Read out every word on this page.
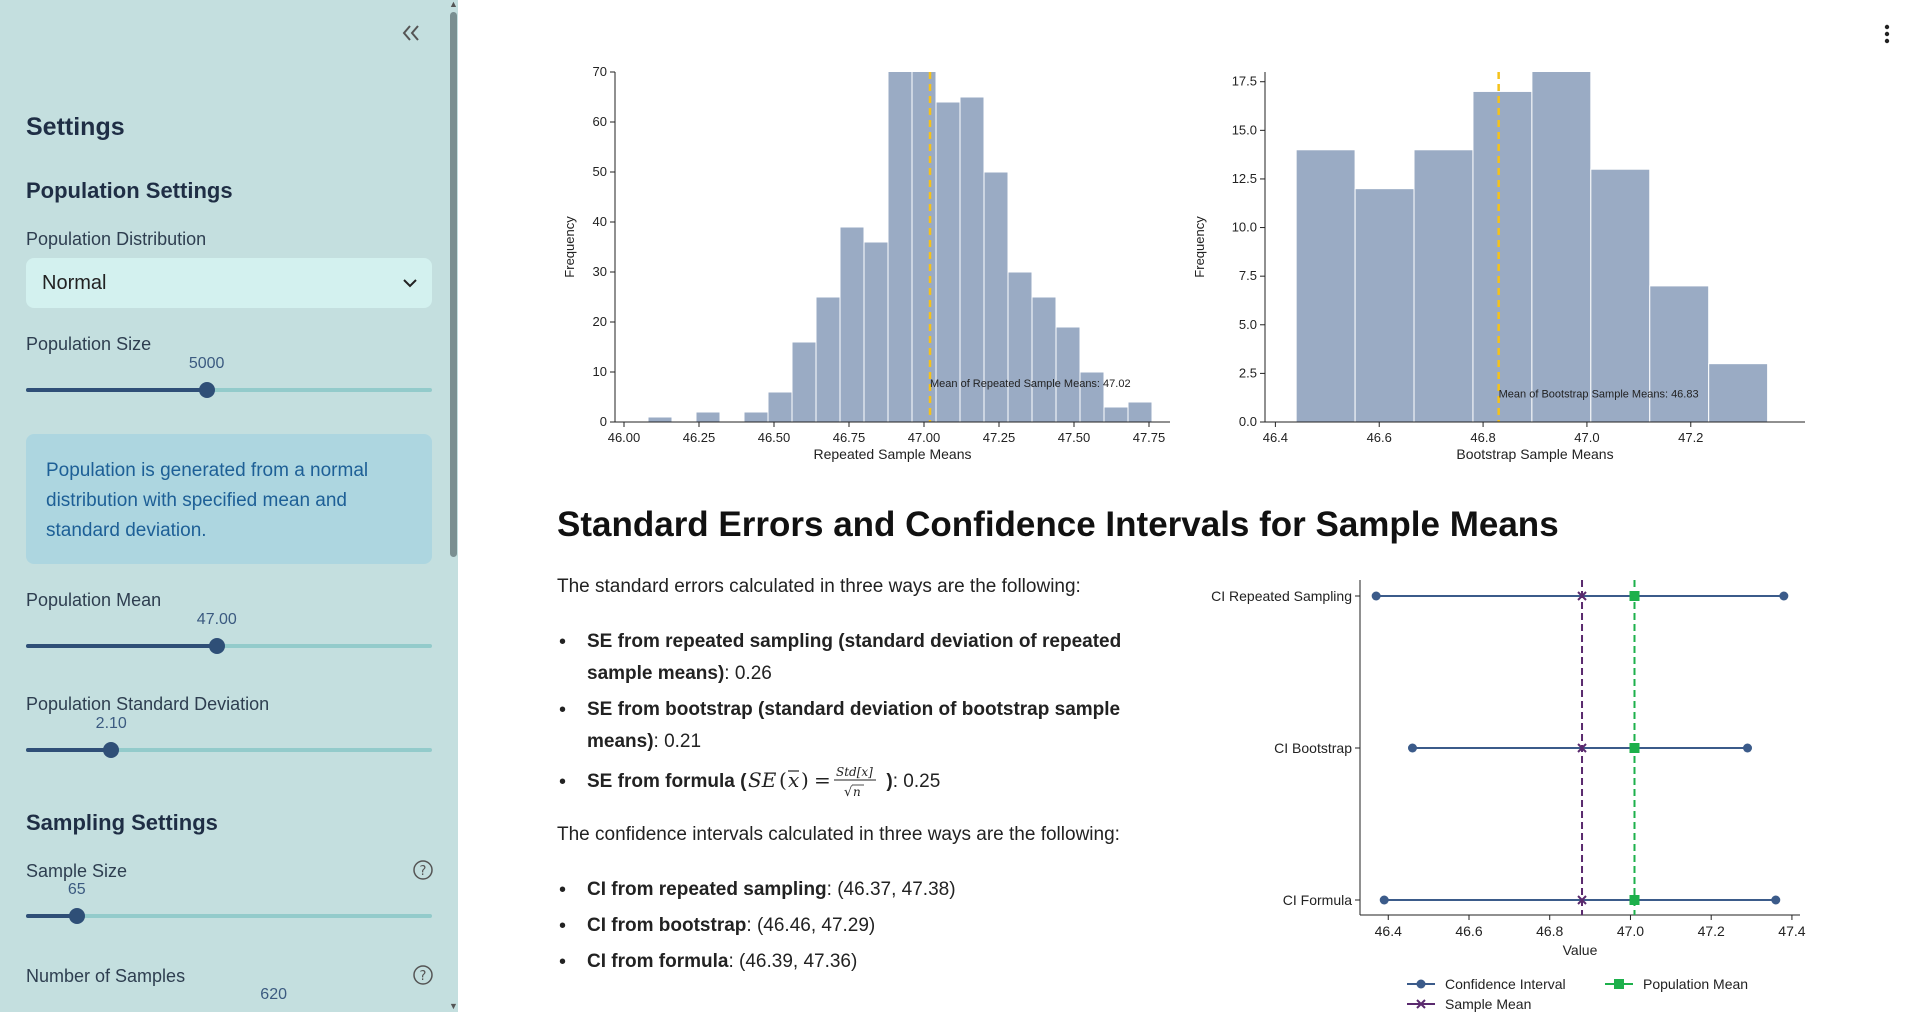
Settings
Population Settings
Population Distribution
Normal
Population Size
5000
Population is generated from a normal distribution with specified mean and standard deviation.
Population Mean
47.00
Population Standard Deviation
2.10
Sampling Settings
Sample Size	?
65
Number of Samples	?
620
▲
▼
Mean of Repeated Sample Means: 47.02
0
10
20
30
40
50
60
70
46.00	46.25	46.50	46.75	47.00	47.25	47.50	47.75
Repeated Sample Means
Frequency
Mean of Bootstrap Sample Means: 46.83
0.0
2.5
5.0
7.5
10.0
12.5
15.0
17.5
46.4	46.6	46.8	47.0	47.2
Bootstrap Sample Means
Frequency
CI Repeated Sampling
CI Bootstrap
CI Formula
46.4	46.6	46.8	47.0	47.2	47.4
Value
Confidence Interval	Population Mean
Sample Mean
Standard Errors and Confidence Intervals for Sample Means
The standard errors calculated in three ways are the following:
• SE from repeated sampling (standard deviation of repeated sample means): 0.26
• SE from bootstrap (standard deviation of bootstrap sample means): 0.21
• SE from formula ( SE ( x ) = Std[x]
√ n ): 0.25
The confidence intervals calculated in three ways are the following:
• CI from repeated sampling: (46.37, 47.38)
• CI from bootstrap: (46.46, 47.29)
• CI from formula: (46.39, 47.36)
